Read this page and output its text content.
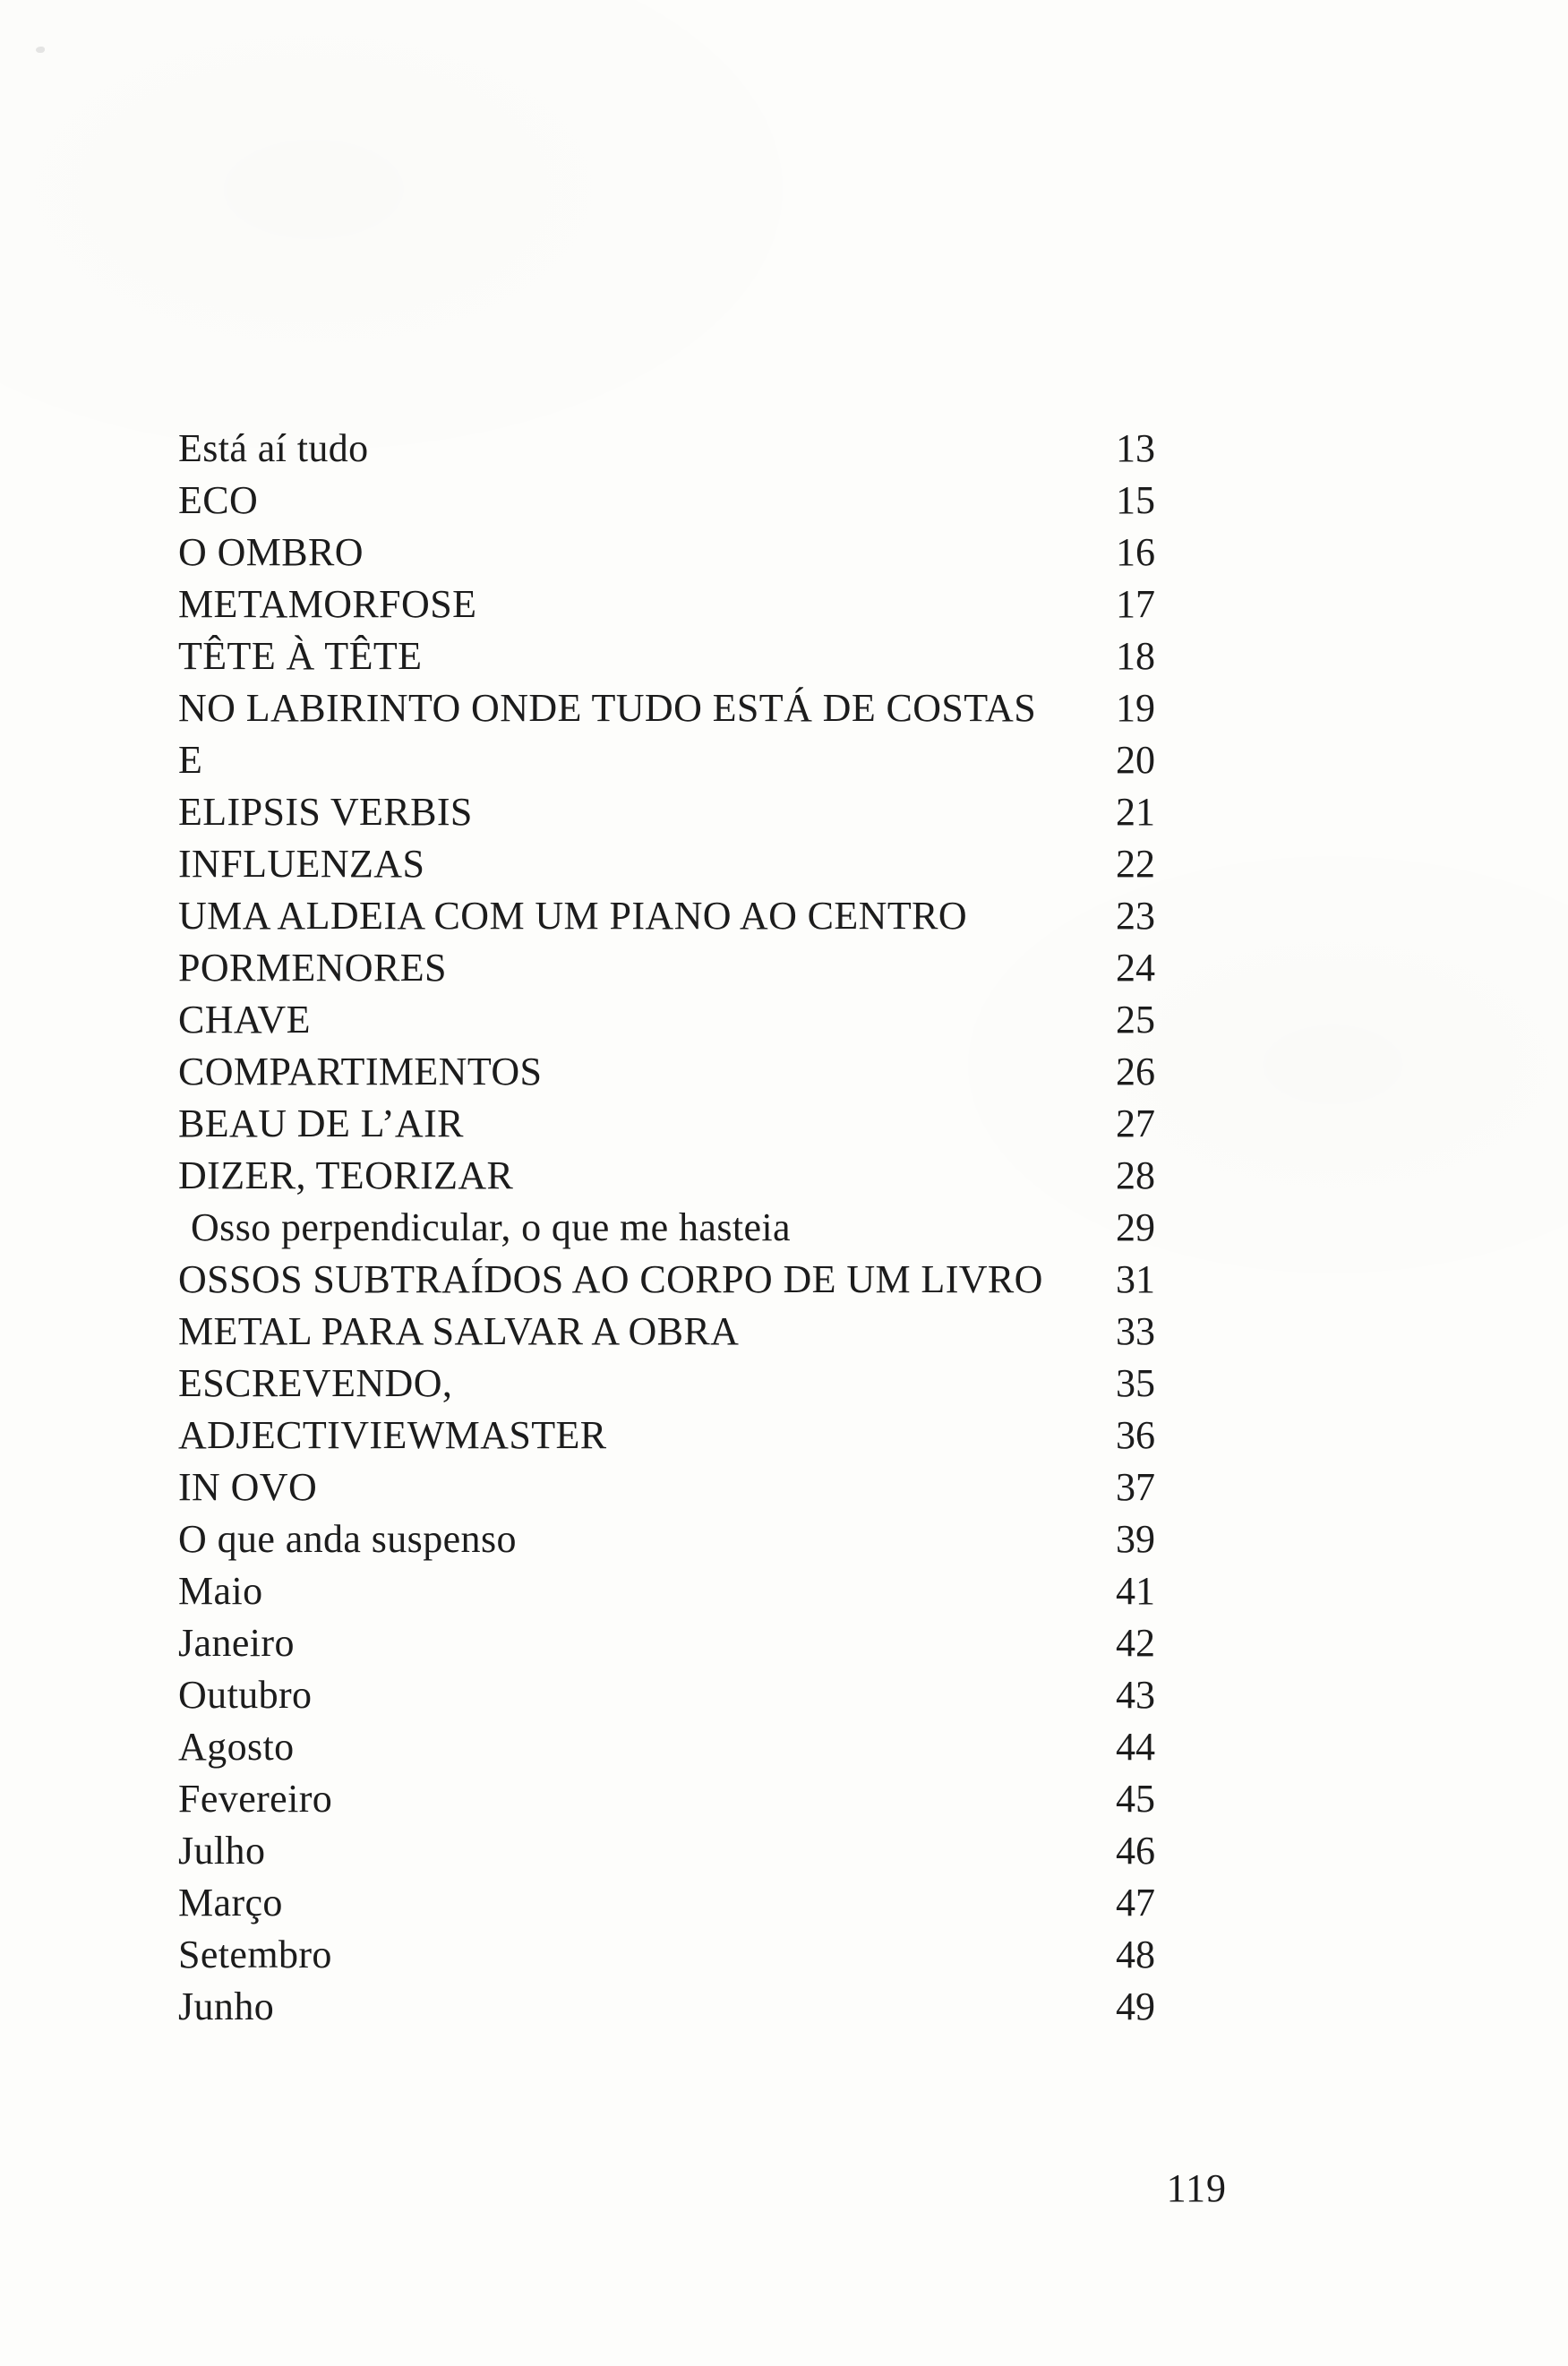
Está aí tudo	13
ECO	15
O OMBRO	16
METAMORFOSE	17
TÊTE À TÊTE	18
NO LABIRINTO ONDE TUDO ESTÁ DE COSTAS	19
E	20
ELIPSIS VERBIS	21
INFLUENZAS	22
UMA ALDEIA COM UM PIANO AO CENTRO	23
PORMENORES	24
CHAVE	25
COMPARTIMENTOS	26
BEAU DE L’AIR	27
DIZER, TEORIZAR	28
Osso perpendicular, o que me hasteia	29
OSSOS SUBTRAÍDOS AO CORPO DE UM LIVRO	31
METAL PARA SALVAR A OBRA	33
ESCREVENDO,	35
ADJECTIVIEWMASTER	36
IN OVO	37
O que anda suspenso	39
Maio	41
Janeiro	42
Outubro	43
Agosto	44
Fevereiro	45
Julho	46
Março	47
Setembro	48
Junho	49
119
